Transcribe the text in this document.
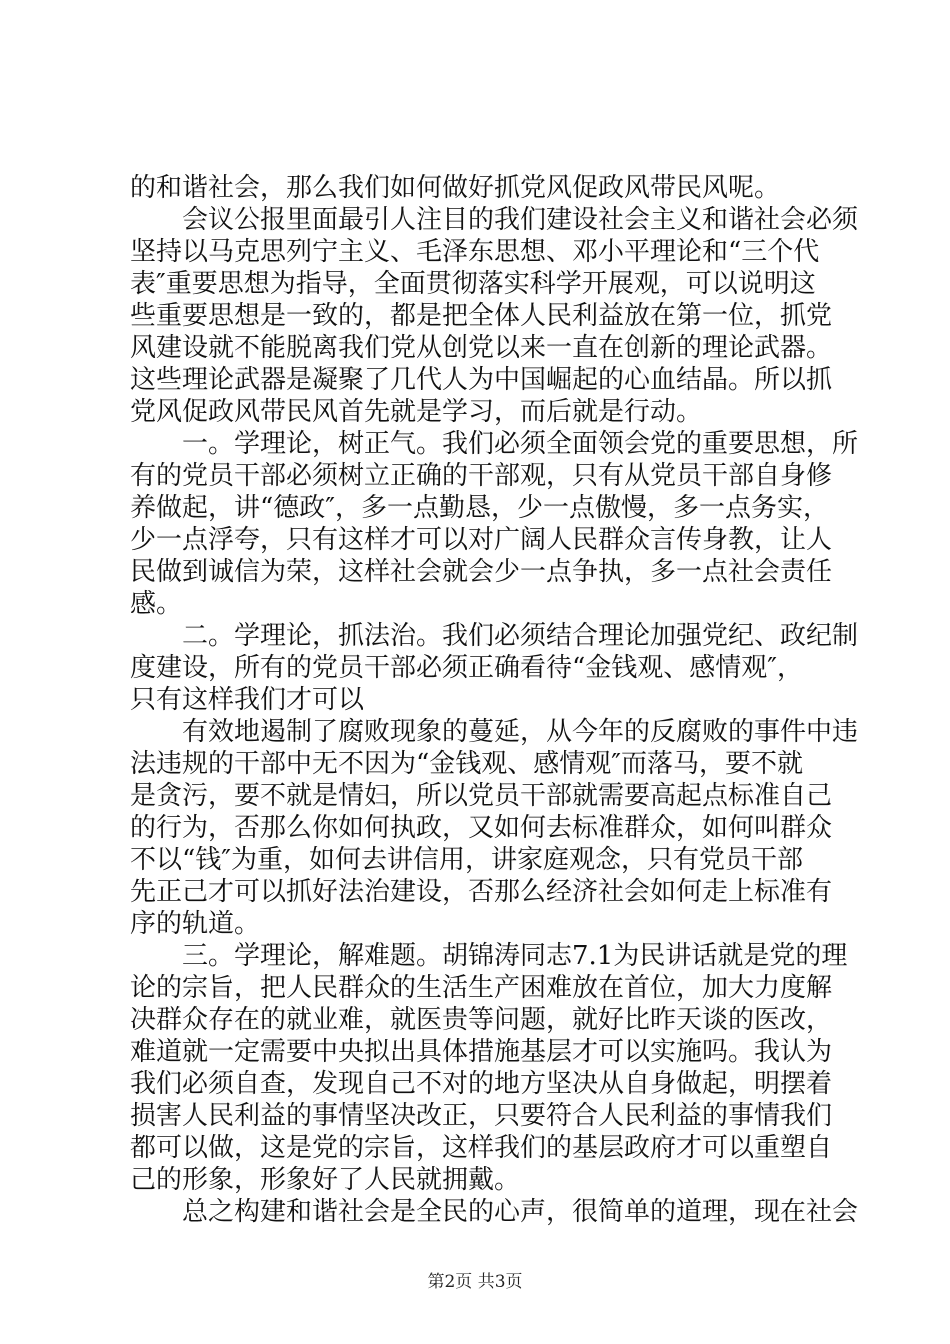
的和谐社会，那么我们如何做好抓党风促政风带民风呢。
　　会议公报里面最引人注目的我们建设社会主义和谐社会必须
坚持以马克思列宁主义、毛泽东思想、邓小平理论和“三个代
表″重要思想为指导，全面贯彻落实科学开展观，可以说明这
些重要思想是一致的，都是把全体人民利益放在第一位，抓党
风建设就不能脱离我们党从创党以来一直在创新的理论武器。
这些理论武器是凝聚了几代人为中国崛起的心血结晶。所以抓
党风促政风带民风首先就是学习，而后就是行动。
　　一。学理论，树正气。我们必须全面领会党的重要思想，所
有的党员干部必须树立正确的干部观，只有从党员干部自身修
养做起，讲“德政″，多一点勤恳，少一点傲慢，多一点务实，
少一点浮夸，只有这样才可以对广阔人民群众言传身教，让人
民做到诚信为荣，这样社会就会少一点争执，多一点社会责任
感。
　　二。学理论，抓法治。我们必须结合理论加强党纪、政纪制
度建设，所有的党员干部必须正确看待“金钱观、感情观″，
只有这样我们才可以
　　有效地遏制了腐败现象的蔓延，从今年的反腐败的事件中违
法违规的干部中无不因为“金钱观、感情观″而落马，要不就
是贪污，要不就是情妇，所以党员干部就需要高起点标准自己
的行为，否那么你如何执政，又如何去标准群众，如何叫群众
不以“钱″为重，如何去讲信用，讲家庭观念，只有党员干部
先正己才可以抓好法治建设，否那么经济社会如何走上标准有
序的轨道。
　　三。学理论，解难题。胡锦涛同志7.1为民讲话就是党的理
论的宗旨，把人民群众的生活生产困难放在首位，加大力度解
决群众存在的就业难，就医贵等问题，就好比昨天谈的医改，
难道就一定需要中央拟出具体措施基层才可以实施吗。我认为
我们必须自查，发现自己不对的地方坚决从自身做起，明摆着
损害人民利益的事情坚决改正，只要符合人民利益的事情我们
都可以做，这是党的宗旨，这样我们的基层政府才可以重塑自
己的形象，形象好了人民就拥戴。
　　总之构建和谐社会是全民的心声，很简单的道理，现在社会
第2页 共3页
